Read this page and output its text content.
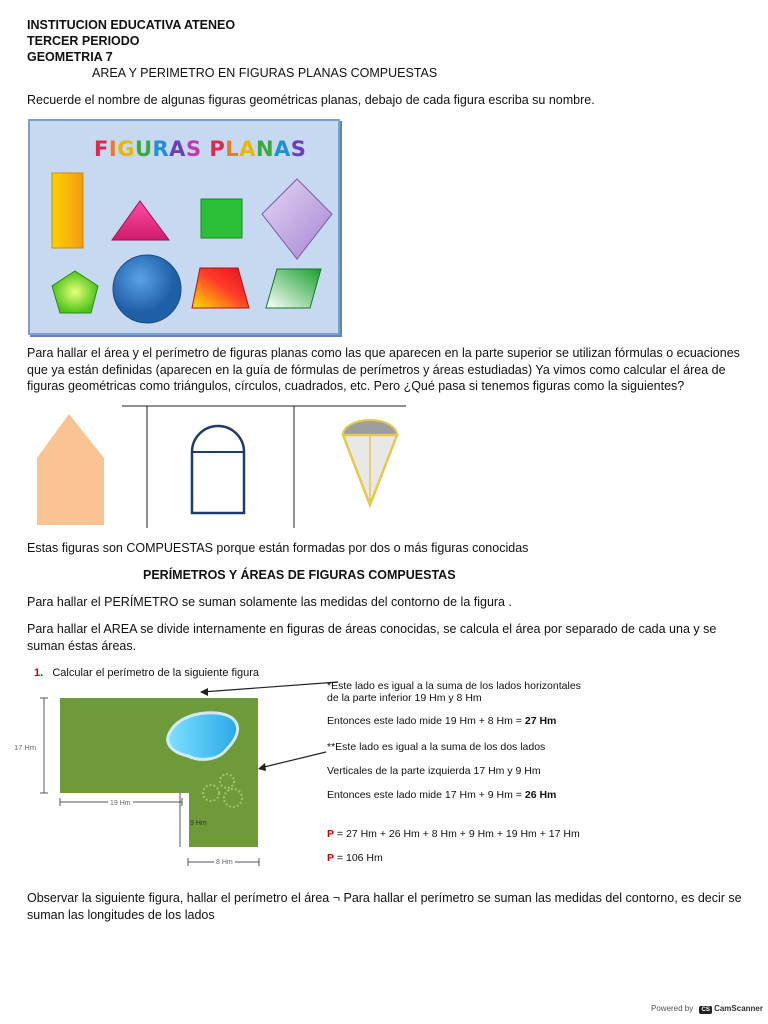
INSTITUCION EDUCATIVA ATENEO
TERCER PERIODO
GEOMETRIA 7
AREA Y PERIMETRO EN FIGURAS PLANAS COMPUESTAS
Recuerde el nombre de algunas figuras geométricas planas, debajo de cada figura escriba su nombre.
FIGURAS PLANAS
Para hallar el área y el perímetro de figuras planas como las que aparecen en la parte superior se utilizan fórmulas o ecuaciones que ya están definidas (aparecen en la guía de fórmulas de perímetros y áreas estudiadas) Ya vimos como calcular el área de figuras geométricas como triángulos, círculos, cuadrados, etc. Pero ¿Qué pasa si tenemos figuras como la siguientes?
Estas figuras son COMPUESTAS porque están formadas por dos o más figuras conocidas
PERÍMETROS Y ÁREAS DE FIGURAS COMPUESTAS
Para hallar el PERÍMETRO se suman solamente las medidas del contorno de la figura .
Para hallar el AREA se divide internamente en figuras de áreas conocidas, se calcula el área por separado de cada una y se suman éstas áreas.
1. Calcular el perímetro de la siguiente figura
17 Hm
19 Hm
9 Hm
8 Hm
*Este lado es igual a la suma de los lados horizontales
de la parte inferior 19 Hm y 8 Hm
Entonces este lado mide 19 Hm + 8 Hm = 27 Hm
**Este lado es igual a la suma de los dos lados
Verticales de la parte izquierda 17 Hm y 9 Hm
Entonces este lado mide 17 Hm + 9 Hm = 26 Hm
P = 27 Hm + 26 Hm + 8 Hm + 9 Hm + 19 Hm + 17 Hm
P = 106 Hm
Observar la siguiente figura, hallar el perímetro el área ¬ Para hallar el perímetro se suman las medidas del contorno, es decir se suman las longitudes de los lados
Powered by CS CamScanner
